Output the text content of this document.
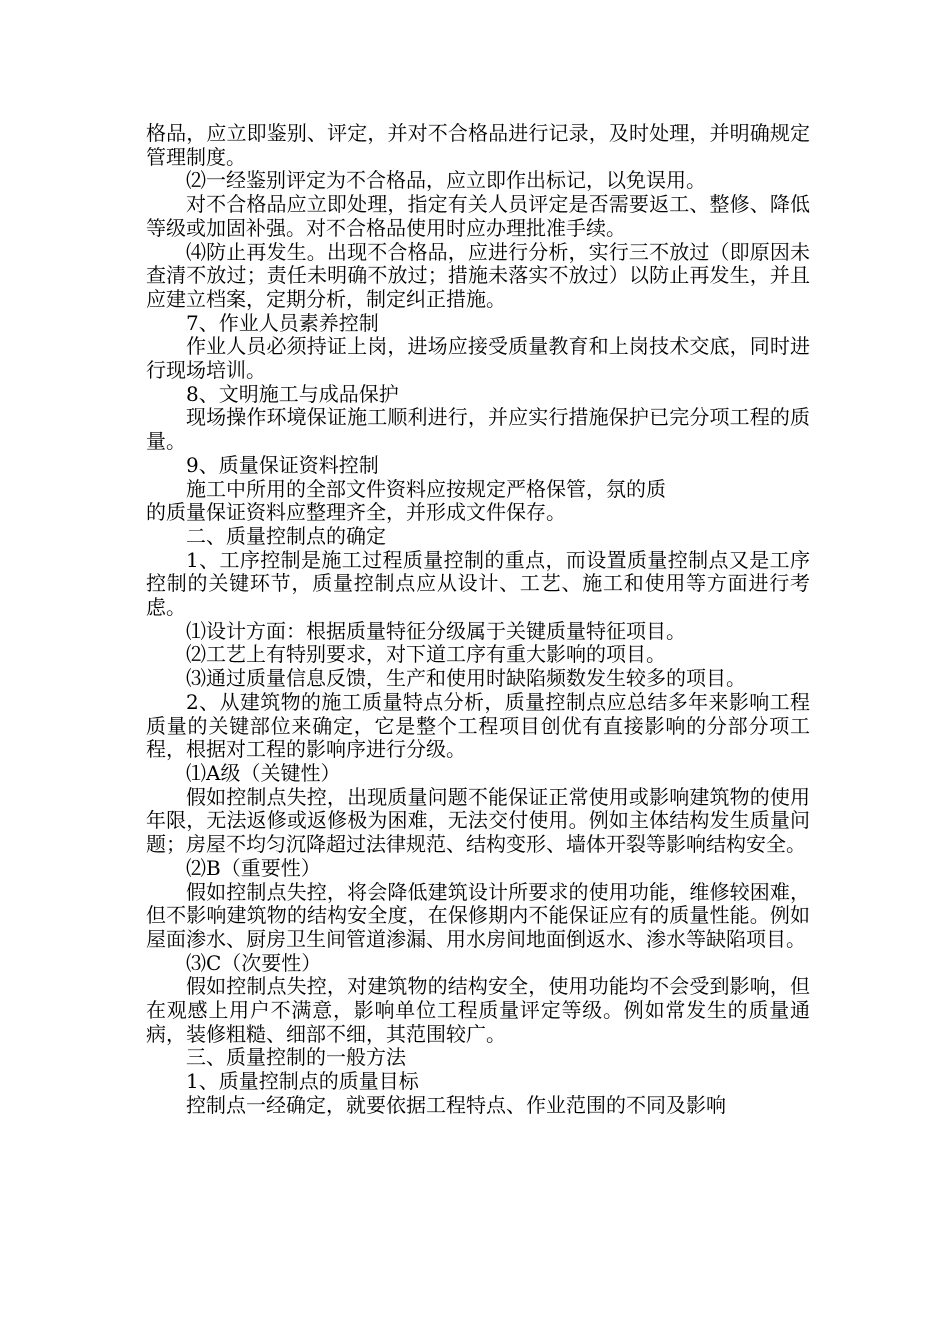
格品，应立即鉴别、评定，并对不合格品进行记录，及时处理，并明确规定管理制度。

⑵一经鉴别评定为不合格品，应立即作出标记，以免误用。

对不合格品应立即处理，指定有关人员评定是否需要返工、整修、降低等级或加固补强。对不合格品使用时应办理批准手续。

⑷防止再发生。出现不合格品，应进行分析，实行三不放过（即原因未查清不放过；责任未明确不放过；措施未落实不放过）以防止再发生，并且应建立档案，定期分析，制定纠正措施。

7、作业人员素养控制

作业人员必须持证上岗，进场应接受质量教育和上岗技术交底，同时进行现场培训。

8、文明施工与成品保护

现场操作环境保证施工顺利进行，并应实行措施保护已完分项工程的质量。

9、质量保证资料控制

施工中所用的全部文件资料应按规定严格保管，氛的质

的质量保证资料应整理齐全，并形成文件保存。

二、质量控制点的确定

1、工序控制是施工过程质量控制的重点，而设置质量控制点又是工序控制的关键环节，质量控制点应从设计、工艺、施工和使用等方面进行考虑。

⑴设计方面：根据质量特征分级属于关键质量特征项目。

⑵工艺上有特别要求，对下道工序有重大影响的项目。

⑶通过质量信息反馈，生产和使用时缺陷频数发生较多的项目。

2、从建筑物的施工质量特点分析，质量控制点应总结多年来影响工程质量的关键部位来确定，它是整个工程项目创优有直接影响的分部分项工程，根据对工程的影响序进行分级。

⑴A级（关键性）

假如控制点失控，出现质量问题不能保证正常使用或影响建筑物的使用年限，无法返修或返修极为困难，无法交付使用。例如主体结构发生质量问题；房屋不均匀沉降超过法律规范、结构变形、墙体开裂等影响结构安全。

⑵B（重要性）

假如控制点失控，将会降低建筑设计所要求的使用功能，维修较困难，但不影响建筑物的结构安全度，在保修期内不能保证应有的质量性能。例如屋面渗水、厨房卫生间管道渗漏、用水房间地面倒返水、渗水等缺陷项目。

⑶C（次要性）

假如控制点失控，对建筑物的结构安全，使用功能均不会受到影响，但在观感上用户不满意，影响单位工程质量评定等级。例如常发生的质量通病，装修粗糙、细部不细，其范围较广。

三、质量控制的一般方法

1、质量控制点的质量目标

控制点一经确定，就要依据工程特点、作业范围的不同及影响
